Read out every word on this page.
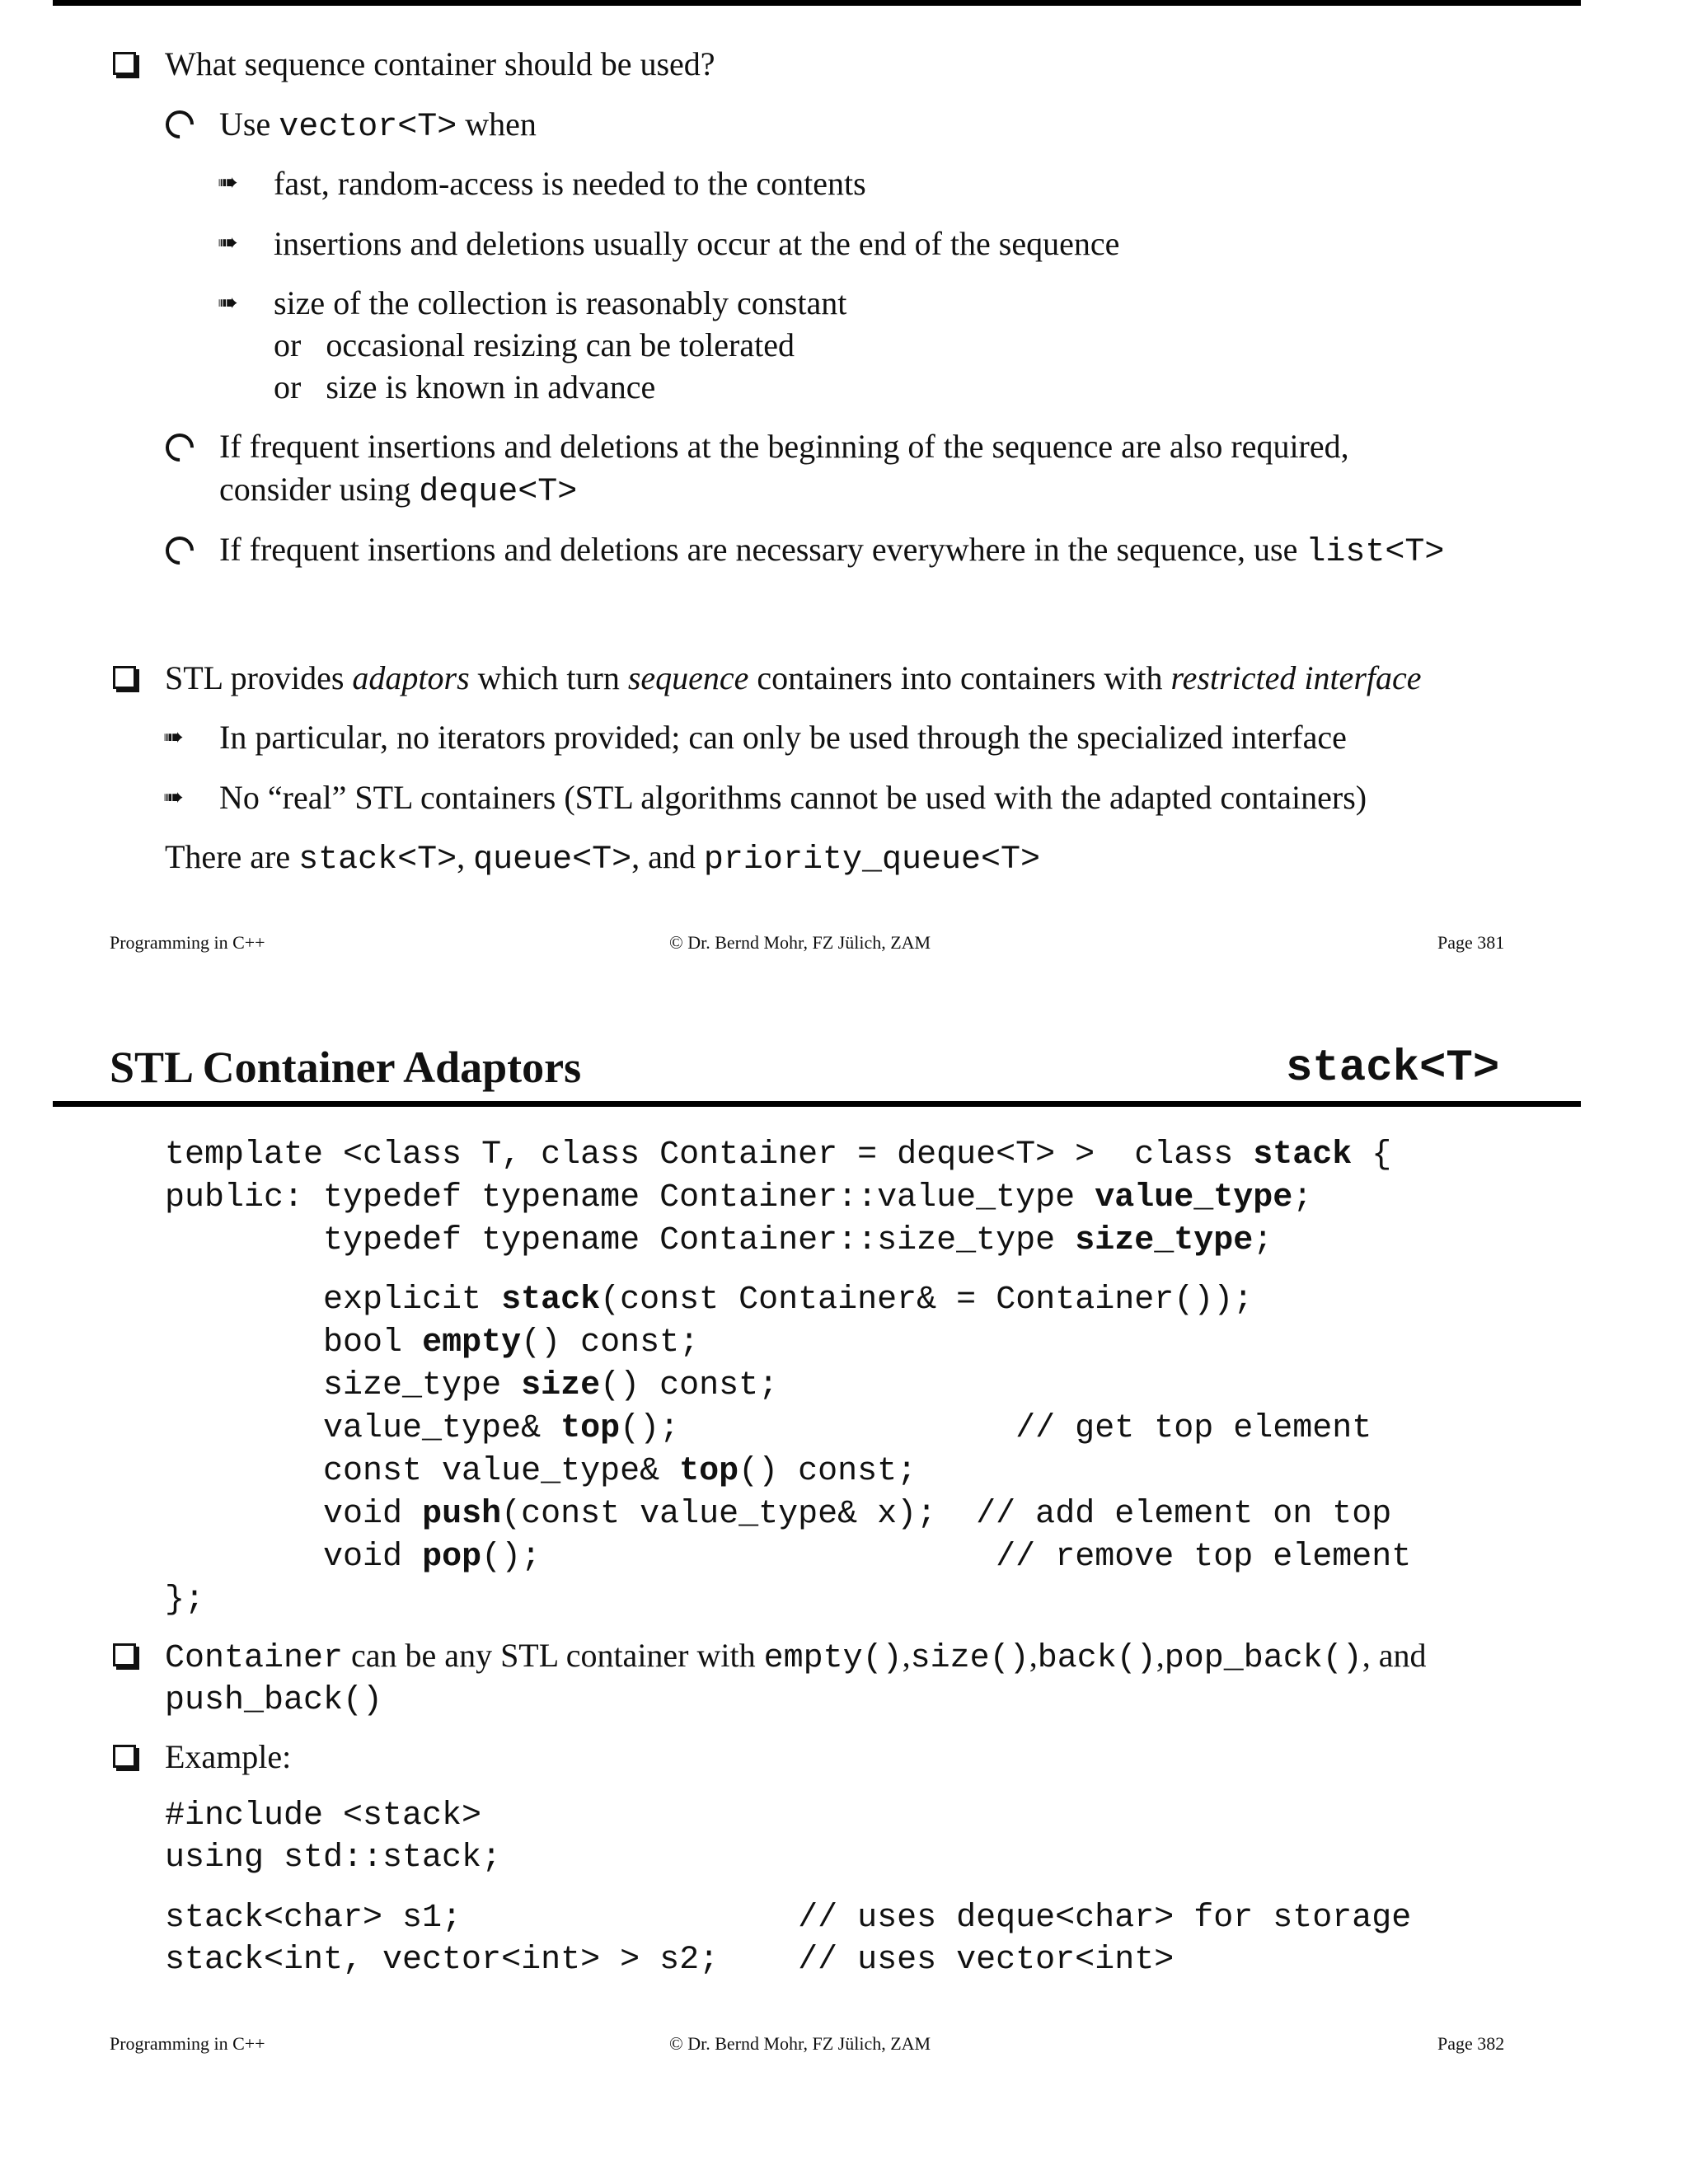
What sequence container should be used?
Use vector<T> when
➠ fast, random-access is needed to the contents
➠ insertions and deletions usually occur at the end of the sequence
➠ size of the collection is reasonably constant
or occasional resizing can be tolerated
or size is known in advance
If frequent insertions and deletions at the beginning of the sequence are also required,
consider using deque<T>
If frequent insertions and deletions are necessary everywhere in the sequence, use list<T>
STL provides adaptors which turn sequence containers into containers with restricted interface
➠ In particular, no iterators provided; can only be used through the specialized interface
➠ No “real” STL containers (STL algorithms cannot be used with the adapted containers)
There are stack<T>, queue<T>, and priority_queue<T>
Programming in C++	© Dr. Bernd Mohr, FZ Jülich, ZAM	Page 381
STL Container Adaptors	stack<T>
template <class T, class Container = deque<T> >  class stack {
public: typedef typename Container::value_type value_type;
typedef typename Container::size_type size_type;
explicit stack(const Container& = Container());
bool empty() const;
size_type size() const;
value_type& top();                 // get top element
const value_type& top() const;
void push(const value_type& x);  // add element on top
void pop();                       // remove top element
};
Container can be any STL container with empty(),size(),back(),pop_back(), and
push_back()
Example:
#include <stack>
using std::stack;
stack<char> s1;                 // uses deque<char> for storage
stack<int, vector<int> > s2;    // uses vector<int>
Programming in C++	© Dr. Bernd Mohr, FZ Jülich, ZAM	Page 382
